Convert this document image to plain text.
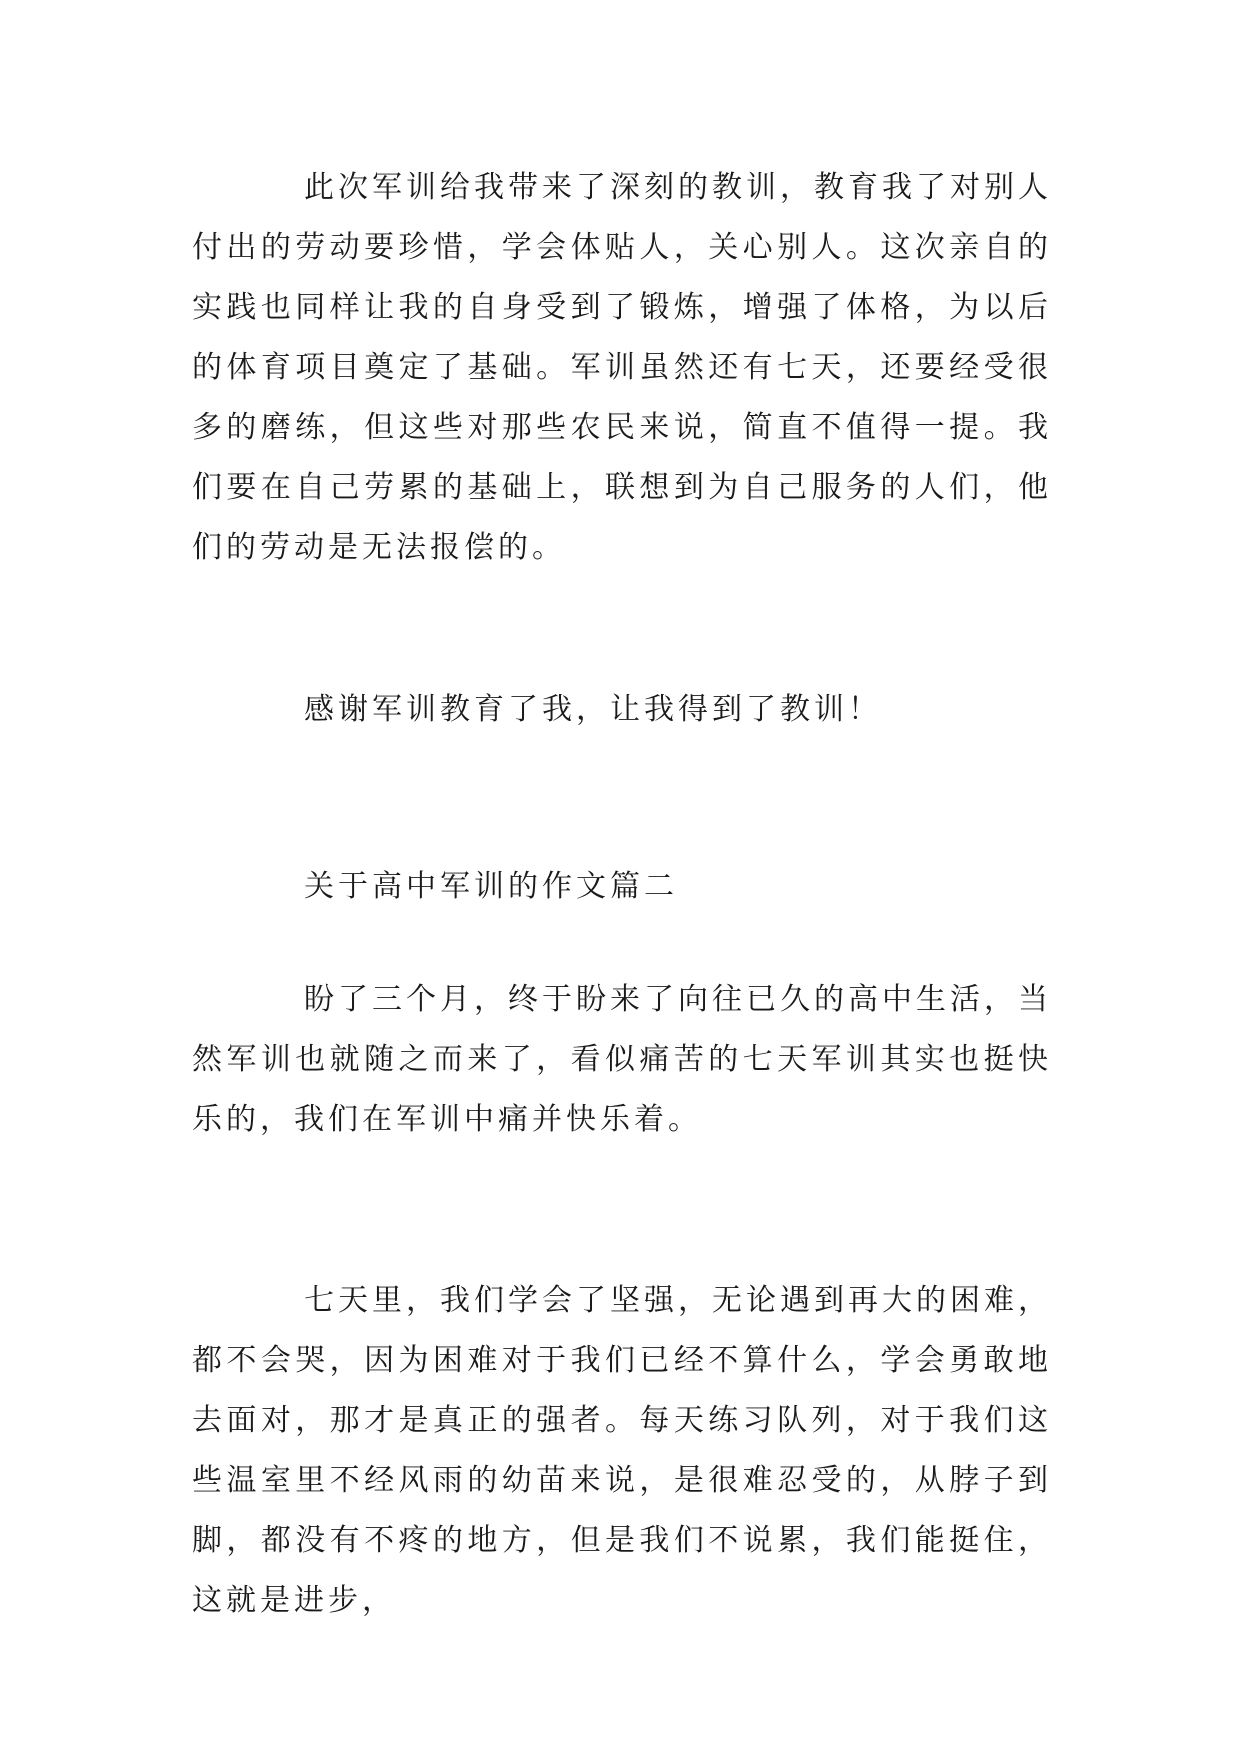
此次军训给我带来了深刻的教训，教育我了对别人付出的劳动要珍惜，学会体贴人，关心别人。这次亲自的实践也同样让我的自身受到了锻炼，增强了体格，为以后的体育项目奠定了基础。军训虽然还有七天，还要经受很多的磨练，但这些对那些农民来说，简直不值得一提。我们要在自己劳累的基础上，联想到为自己服务的人们，他们的劳动是无法报偿的。

感谢军训教育了我，让我得到了教训！

关于高中军训的作文篇二

盼了三个月，终于盼来了向往已久的高中生活，当然军训也就随之而来了，看似痛苦的七天军训其实也挺快乐的，我们在军训中痛并快乐着。

七天里，我们学会了坚强，无论遇到再大的困难，都不会哭，因为困难对于我们已经不算什么，学会勇敢地去面对，那才是真正的强者。每天练习队列，对于我们这些温室里不经风雨的幼苗来说，是很难忍受的，从脖子到脚，都没有不疼的地方，但是我们不说累，我们能挺住，这就是进步，
